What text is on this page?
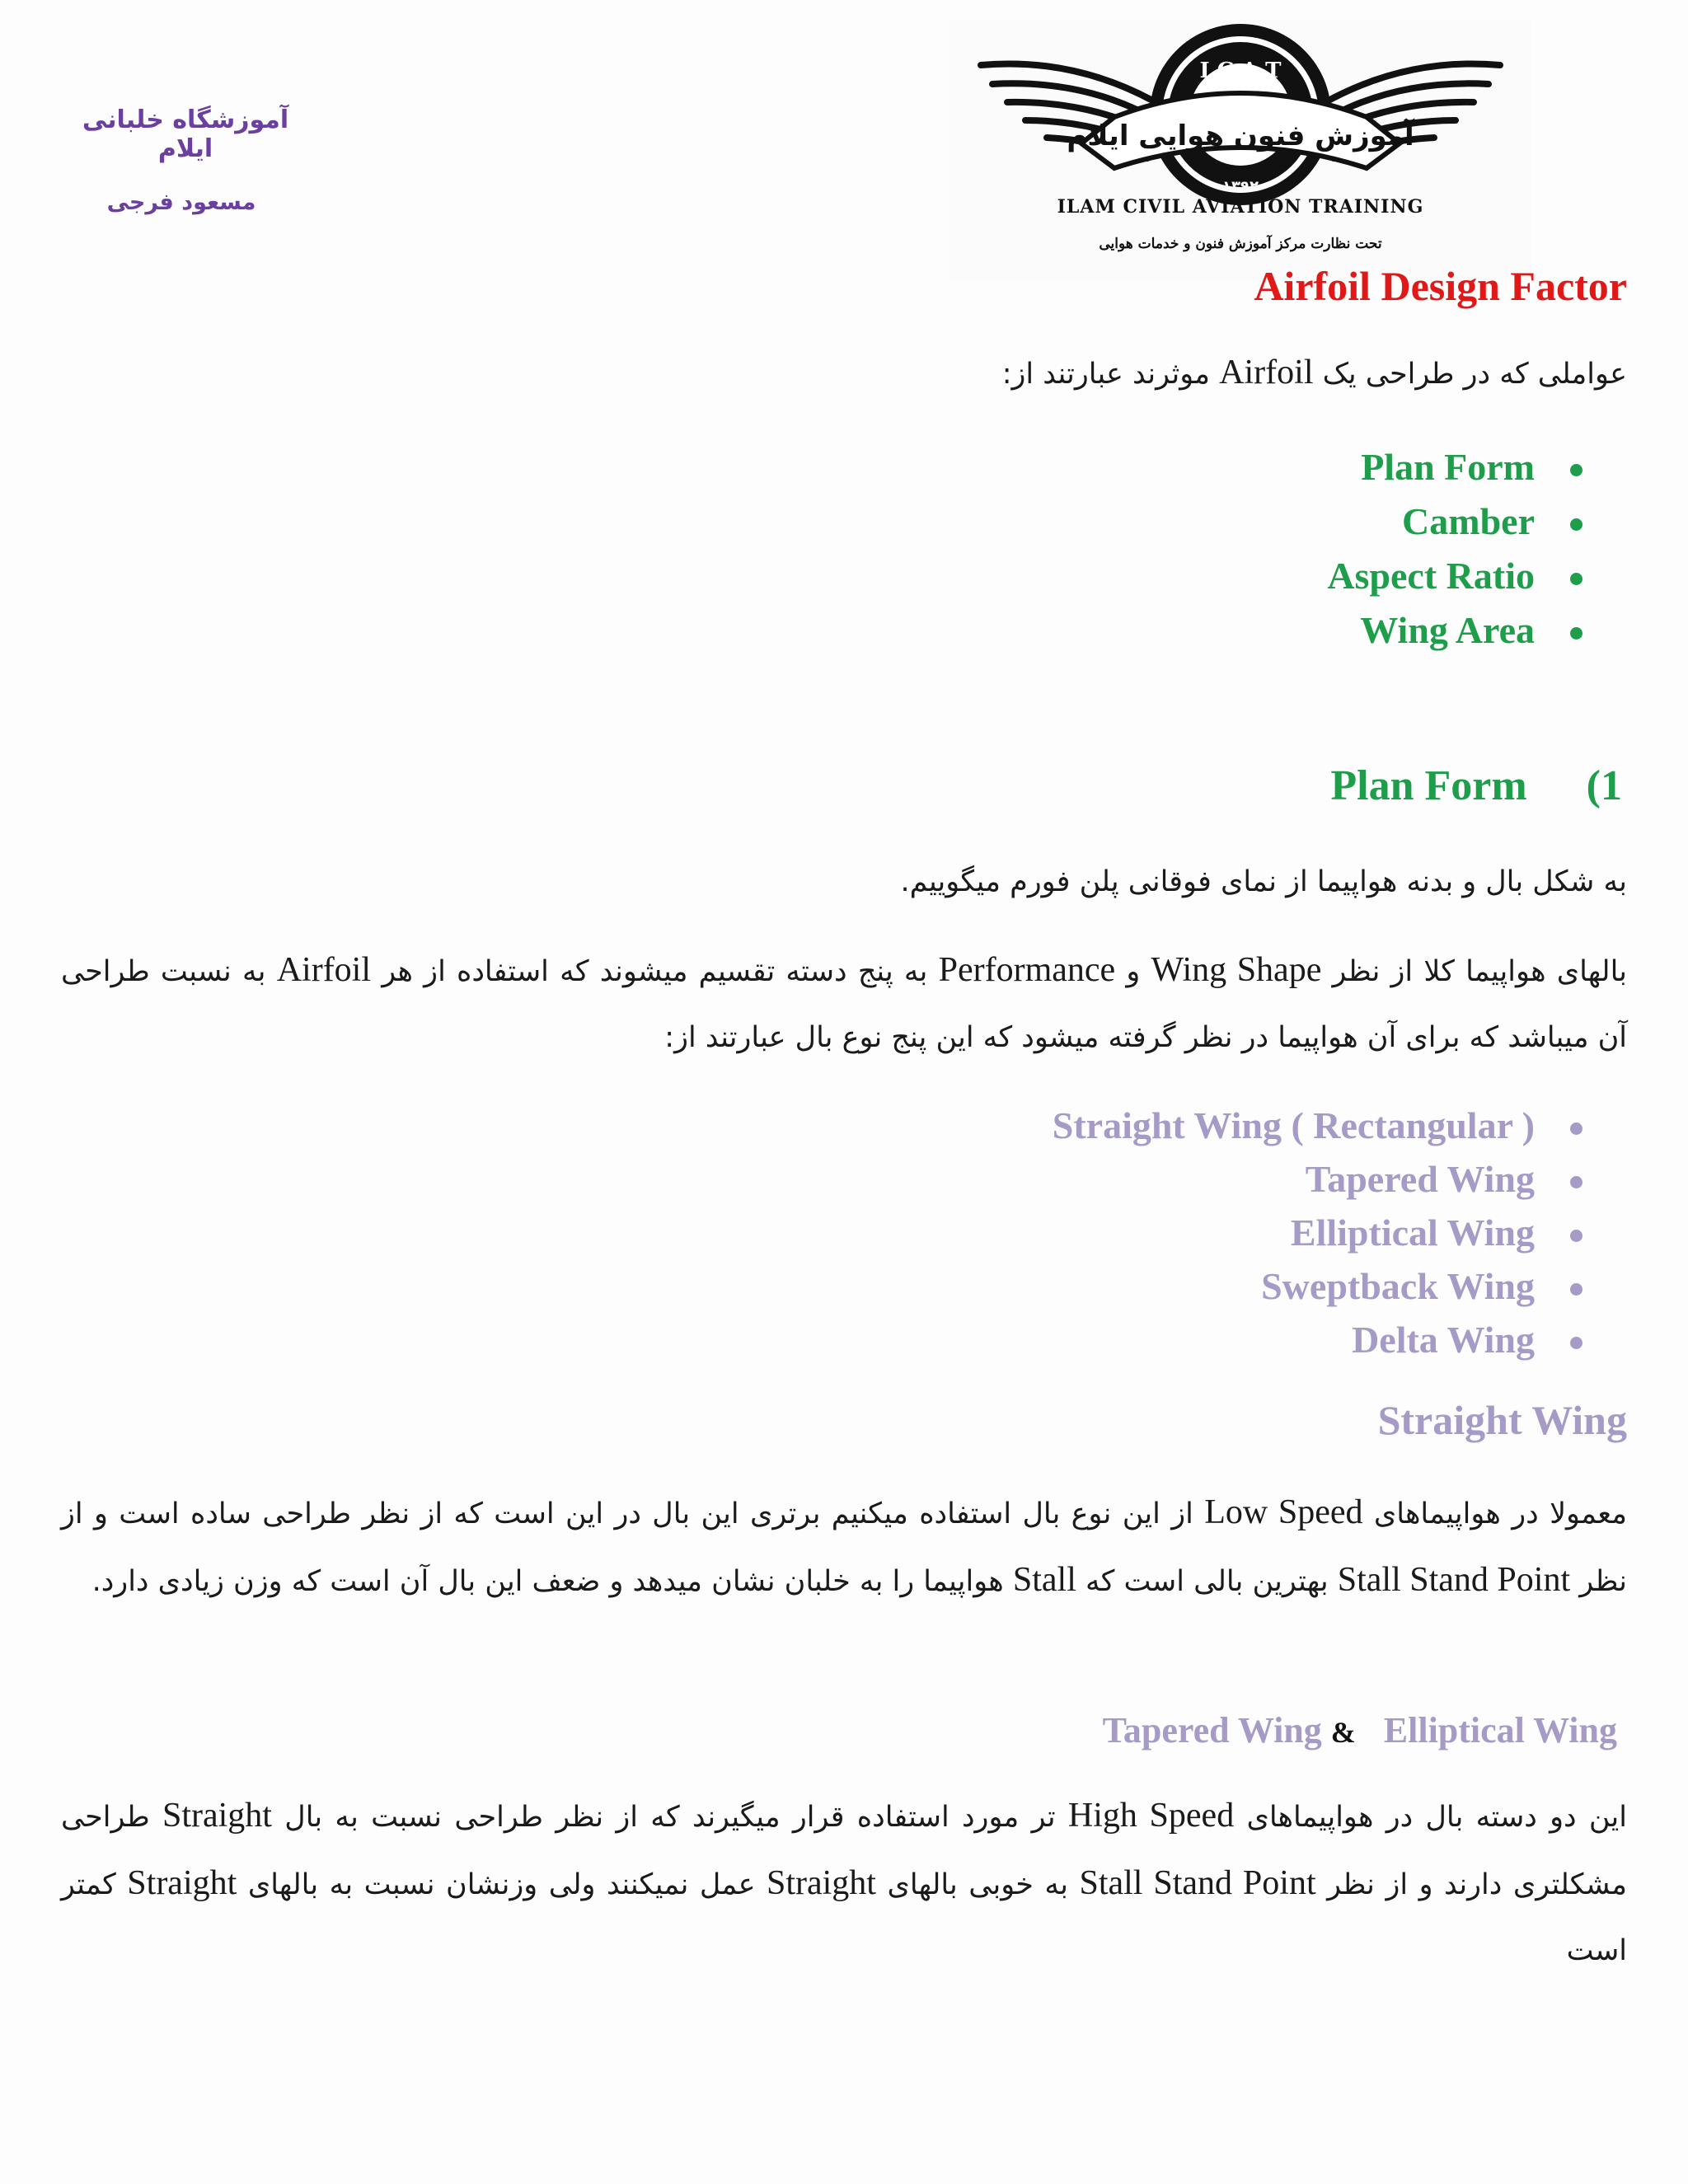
آموزشگاه خلبانی ایلام
مسعود فرجی
I.C.A.T
آموزش فنون هوایی ایلام
۱۳۹۲
ILAM CIVIL AVIATION TRAINING
تحت نظارت مرکز آموزش فنون و خدمات هوایی
Airfoil Design Factor
عواملی که در طراحی یک Airfoil موثرند عبارتند از:
Plan Form
Camber
Aspect Ratio
Wing Area
Plan Form (1
به شکل بال و بدنه هواپیما از نمای فوقانی پلن فورم میگوییم.
بالهای هواپیما کلا از نظر Wing Shape و Performance به پنج دسته تقسیم میشوند که استفاده از هر Airfoil به نسبت طراحی آن میباشد که برای آن هواپیما در نظر گرفته میشود که این پنج نوع بال عبارتند از:
Straight Wing ( Rectangular )
Tapered Wing
Elliptical Wing
Sweptback Wing
Delta Wing
Straight Wing
معمولا در هواپیماهای Low Speed از این نوع بال استفاده میکنیم برتری این بال در این است که از نظر طراحی ساده است و از نظر Stall Stand Point بهترین بالی است که Stall هواپیما را به خلبان نشان میدهد و ضعف این بال آن است که وزن زیادی دارد.
Tapered Wing & Elliptical Wing
این دو دسته بال در هواپیماهای High Speed تر مورد استفاده قرار میگیرند که از نظر طراحی نسبت به بال Straight طراحی مشکلتری دارند و از نظر Stall Stand Point به خوبی بالهای Straight عمل نمیکنند ولی وزنشان نسبت به بالهای Straight کمتر است
